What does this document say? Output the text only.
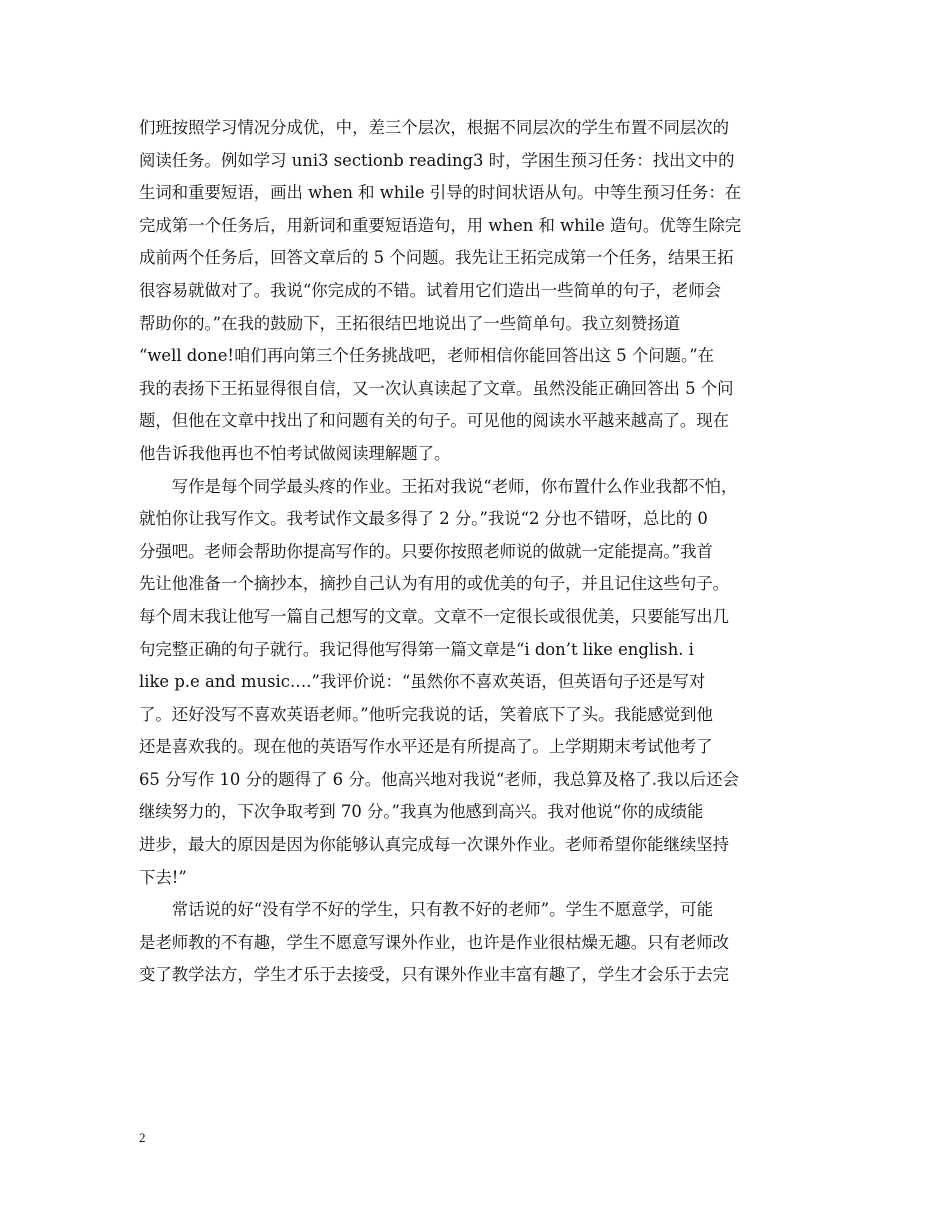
们班按照学习情况分成优，中，差三个层次，根据不同层次的学生布置不同层次的
阅读任务。例如学习 uni3 sectionb reading3 时，学困生预习任务：找出文中的
生词和重要短语，画出 when 和 while 引导的时间状语从句。中等生预习任务：在
完成第一个任务后，用新词和重要短语造句，用 when 和 while 造句。优等生除完
成前两个任务后，回答文章后的 5 个问题。我先让王拓完成第一个任务，结果王拓
很容易就做对了。我说“你完成的不错。试着用它们造出一些简单的句子，老师会
帮助你的。”在我的鼓励下，王拓很结巴地说出了一些简单句。我立刻赞扬道
“well done!咱们再向第三个任务挑战吧，老师相信你能回答出这 5 个问题。”在
我的表扬下王拓显得很自信，又一次认真读起了文章。虽然没能正确回答出 5 个问
题，但他在文章中找出了和问题有关的句子。可见他的阅读水平越来越高了。现在
他告诉我他再也不怕考试做阅读理解题了。
　　写作是每个同学最头疼的作业。王拓对我说“老师，你布置什么作业我都不怕，
就怕你让我写作文。我考试作文最多得了 2 分。”我说“2 分也不错呀，总比的 0
分强吧。老师会帮助你提高写作的。只要你按照老师说的做就一定能提高。”我首
先让他准备一个摘抄本，摘抄自己认为有用的或优美的句子，并且记住这些句子。
每个周末我让他写一篇自己想写的文章。文章不一定很长或很优美，只要能写出几
句完整正确的句子就行。我记得他写得第一篇文章是“i don’t like english. i
like p.e and music….”我评价说：“虽然你不喜欢英语，但英语句子还是写对
了。还好没写不喜欢英语老师。”他听完我说的话，笑着底下了头。我能感觉到他
还是喜欢我的。现在他的英语写作水平还是有所提高了。上学期期末考试他考了
65 分写作 10 分的题得了 6 分。他高兴地对我说“老师，我总算及格了.我以后还会
继续努力的，下次争取考到 70 分。”我真为他感到高兴。我对他说“你的成绩能
进步，最大的原因是因为你能够认真完成每一次课外作业。老师希望你能继续坚持
下去!”
　　常话说的好“没有学不好的学生，只有教不好的老师”。学生不愿意学，可能
是老师教的不有趣，学生不愿意写课外作业，也许是作业很枯燥无趣。只有老师改
变了教学法方，学生才乐于去接受，只有课外作业丰富有趣了，学生才会乐于去完
2
